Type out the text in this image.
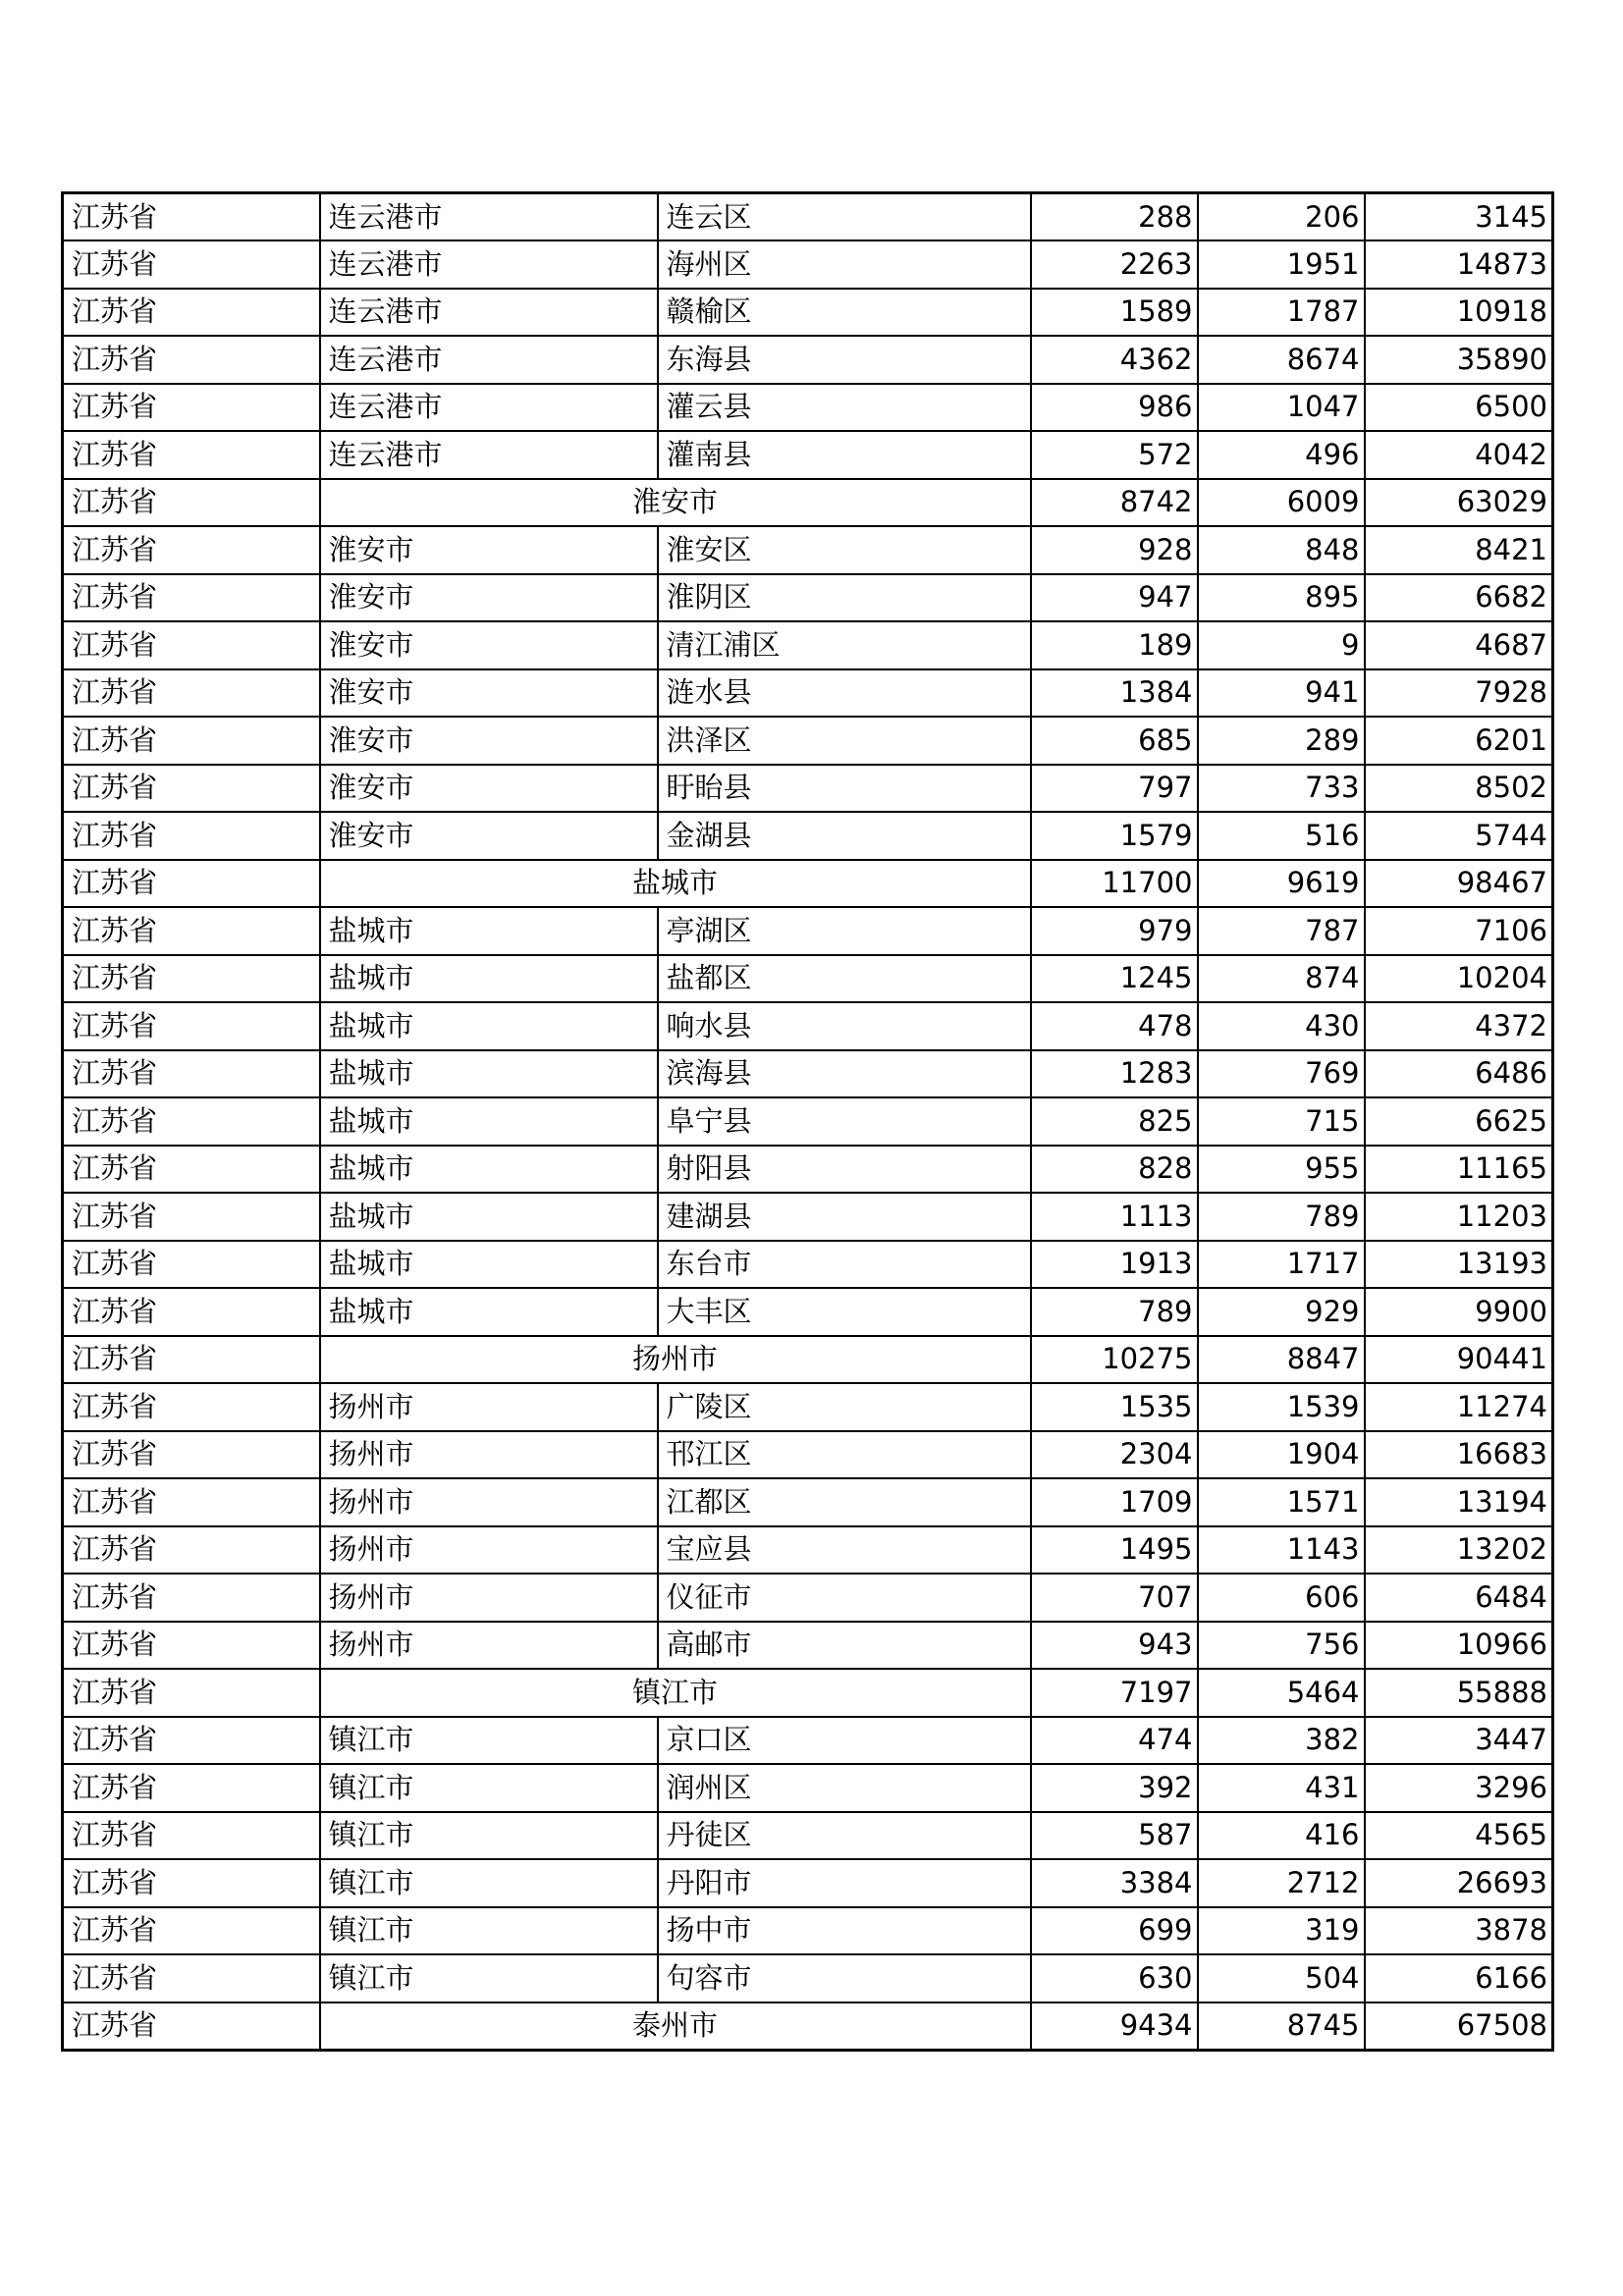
江苏省	连云港市	连云区	288	206	3145
江苏省	连云港市	海州区	2263	1951	14873
江苏省	连云港市	赣榆区	1589	1787	10918
江苏省	连云港市	东海县	4362	8674	35890
江苏省	连云港市	灌云县	986	1047	6500
江苏省	连云港市	灌南县	572	496	4042
江苏省	淮安市		8742	6009	63029
江苏省	淮安市	淮安区	928	848	8421
江苏省	淮安市	淮阴区	947	895	6682
江苏省	淮安市	清江浦区	189	9	4687
江苏省	淮安市	涟水县	1384	941	7928
江苏省	淮安市	洪泽区	685	289	6201
江苏省	淮安市	盱眙县	797	733	8502
江苏省	淮安市	金湖县	1579	516	5744
江苏省	盐城市		11700	9619	98467
江苏省	盐城市	亭湖区	979	787	7106
江苏省	盐城市	盐都区	1245	874	10204
江苏省	盐城市	响水县	478	430	4372
江苏省	盐城市	滨海县	1283	769	6486
江苏省	盐城市	阜宁县	825	715	6625
江苏省	盐城市	射阳县	828	955	11165
江苏省	盐城市	建湖县	1113	789	11203
江苏省	盐城市	东台市	1913	1717	13193
江苏省	盐城市	大丰区	789	929	9900
江苏省	扬州市		10275	8847	90441
江苏省	扬州市	广陵区	1535	1539	11274
江苏省	扬州市	邗江区	2304	1904	16683
江苏省	扬州市	江都区	1709	1571	13194
江苏省	扬州市	宝应县	1495	1143	13202
江苏省	扬州市	仪征市	707	606	6484
江苏省	扬州市	高邮市	943	756	10966
江苏省	镇江市		7197	5464	55888
江苏省	镇江市	京口区	474	382	3447
江苏省	镇江市	润州区	392	431	3296
江苏省	镇江市	丹徒区	587	416	4565
江苏省	镇江市	丹阳市	3384	2712	26693
江苏省	镇江市	扬中市	699	319	3878
江苏省	镇江市	句容市	630	504	6166
江苏省	泰州市		9434	8745	67508
